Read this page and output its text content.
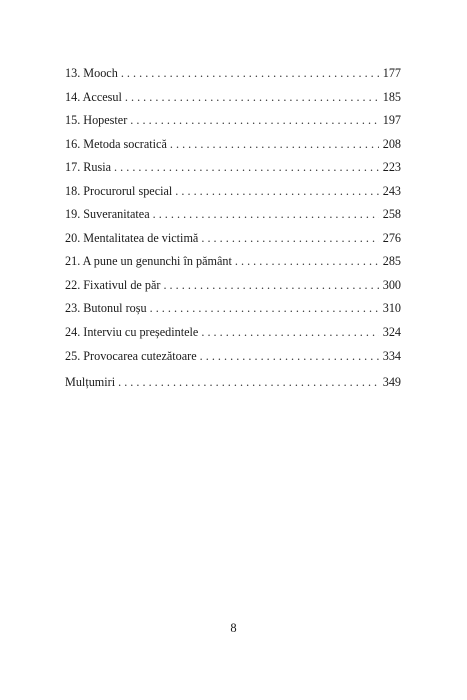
13. Mooch . . .	177
14. Accesul . . .	185
15. Hopester . . .	197
16. Metoda socratică . . .	208
17. Rusia . . .	223
18. Procurorul special . . .	243
19. Suveranitatea . . .	258
20. Mentalitatea de victimă . . .	276
21. A pune un genunchi în pământ . . .	285
22. Fixativul de păr . . .	300
23. Butonul roșu . . .	310
24. Interviu cu președintele . . .	324
25. Provocarea cutezătoare . . .	334
Mulțumiri . . .	349
8
